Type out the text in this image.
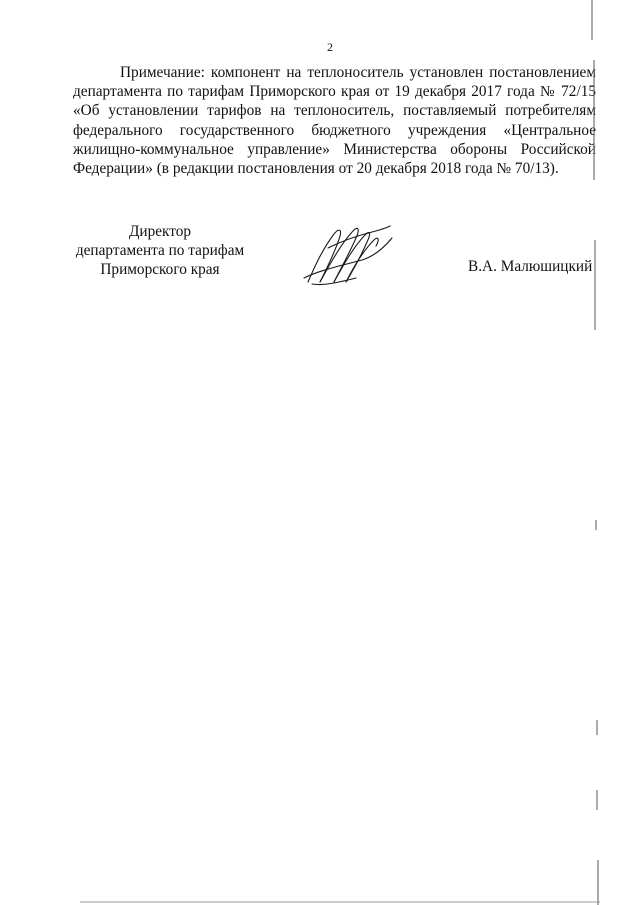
2

Примечание: компонент на теплоноситель установлен постановлением департамента по тарифам Приморского края от 19 декабря 2017 года № 72/15 «Об установлении тарифов на теплоноситель, поставляемый потребителям федерального государственного бюджетного учреждения «Центральное жилищно-коммунальное управление» Министерства обороны Российской Федерации» (в редакции постановления от 20 декабря 2018 года № 70/13).

Директор
департамента по тарифам
Приморского края	В.А. Малюшицкий
